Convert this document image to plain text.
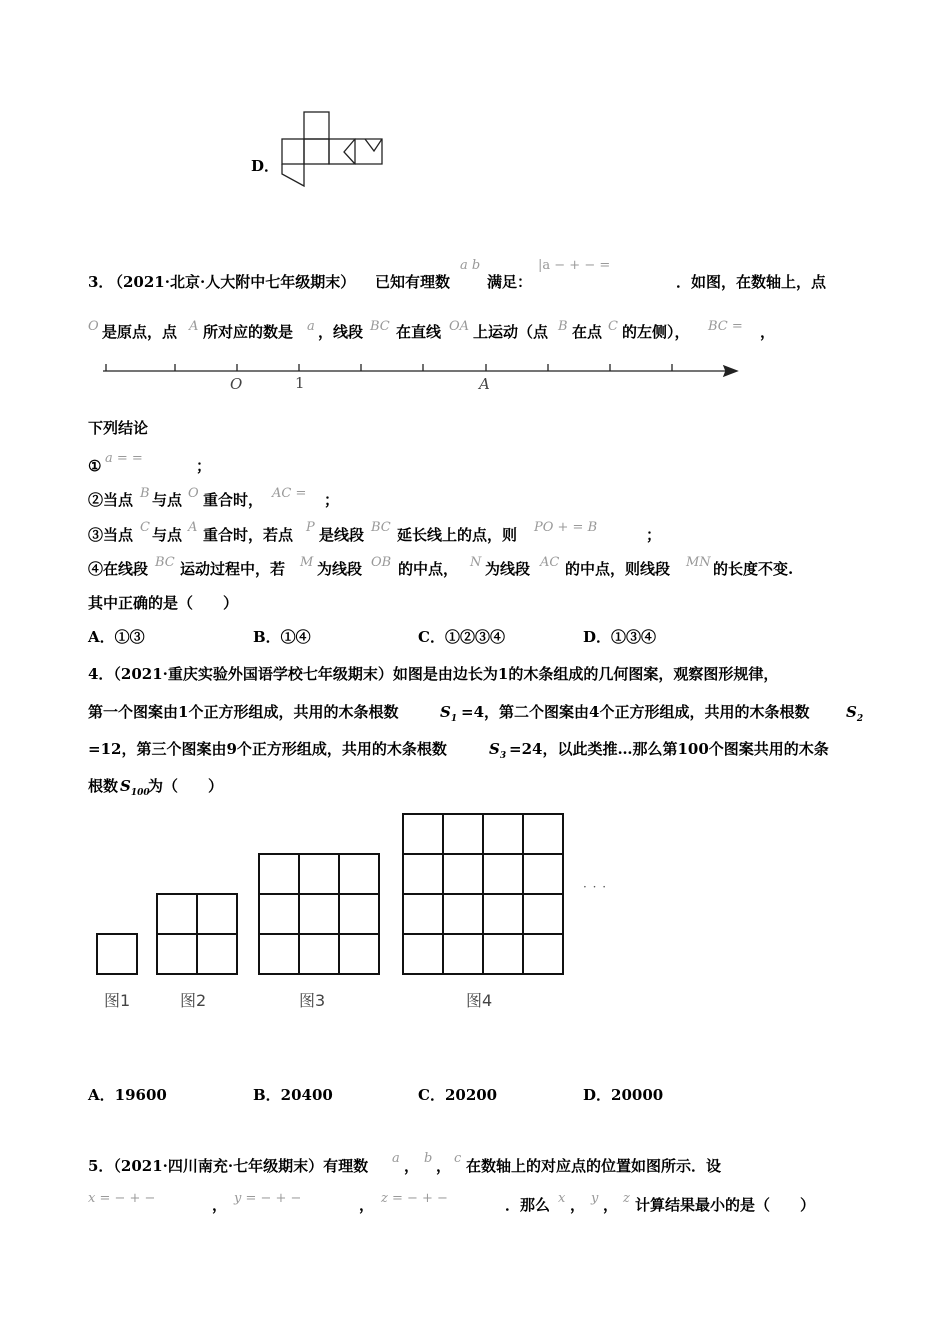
D．
3．
（2021·北京·人大附中七年级期末） 已知有理数
a b
满足：
|a − + − =
．如图，在数轴上，点
O 是原点，点 A 所对应的数是 a ，线段 BC 在直线 OA 上运动（点 B 在点 C 的左侧）， BC = ，
O	1	A
下列结论
① a = =	；
②当点 B 与点 O 重合时， AC = ；
③当点 C 与点 A 重合时，若点 P 是线段 BC 延长线上的点，则 PO + = B	；
④在线段 BC 运动过程中，若 M 为线段 OB 的中点， N 为线段 AC 的中点，则线段 MN 的长度不变.
其中正确的是（　　）
A．①③	B．①④	C．①②③④	D．①③④
4．（2021·重庆实验外国语学校七年级期末）如图是由边长为1的木条组成的几何图案，观察图形规律，
第一个图案由1个正方形组成，共用的木条根数	$S_1 =4$，第二个图案由4个正方形组成，共用的木条根数 $S_2$
=12，第三个图案由9个正方形组成，共用的木条根数	$S_3 =24$，以此类推…那么第100个图案共用的木条
根数 $S_{100}$
为（　　）
· · ·
图1	图2	图3	图4
A．19600	B．20400	C．20200	D．20000
5．（2021·四川南充·七年级期末）有理数 a ， b ， c 在数轴上的对应点的位置如图所示．设
x = − + −	， y = − + −	， z = − + −	．那么 x ， y ， z 计算结果最小的是（　　）
